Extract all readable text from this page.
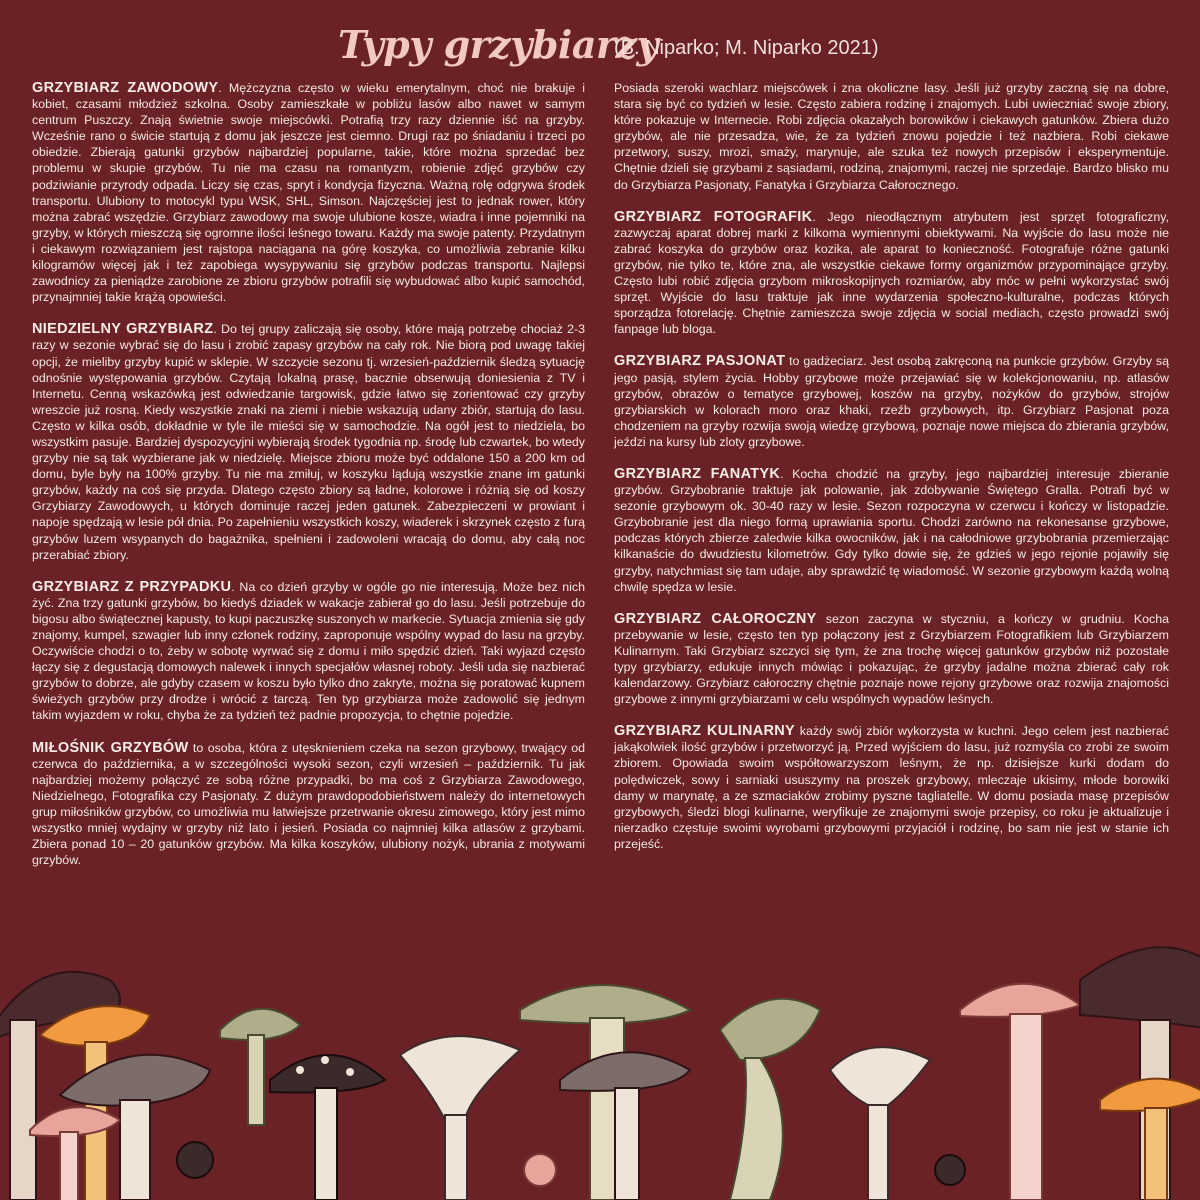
Typy grzybiarzy
(B. Niparko; M. Niparko 2021)

GRZYBIARZ ZAWODOWY. Mężczyzna często w wieku emerytalnym, choć nie brakuje i kobiet, czasami młodzież szkolna. Osoby zamieszkałe w pobliżu lasów albo nawet w samym centrum Puszczy. Znają świetnie swoje miejscówki. Potrafią trzy razy dziennie iść na grzyby. Wcześnie rano o świcie startują z domu jak jeszcze jest ciemno. Drugi raz po śniadaniu i trzeci po obiedzie. Zbierają gatunki grzybów najbardziej popularne, takie, które można sprzedać bez problemu w skupie grzybów. Tu nie ma czasu na romantyzm, robienie zdjęć grzybów czy podziwianie przyrody odpada. Liczy się czas, spryt i kondycja fizyczna. Ważną rolę odgrywa środek transportu. Ulubiony to motocykl typu WSK, SHL, Simson. Najczęściej jest to jednak rower, który można zabrać wszędzie. Grzybiarz zawodowy ma swoje ulubione kosze, wiadra i inne pojemniki na grzyby, w których mieszczą się ogromne ilości leśnego towaru. Każdy ma swoje patenty. Przydatnym i ciekawym rozwiązaniem jest rajstopa naciągana na górę koszyka, co umożliwia zebranie kilku kilogramów więcej jak i też zapobiega wysypywaniu się grzybów podczas transportu. Najlepsi zawodnicy za pieniądze zarobione ze zbioru grzybów potrafili się wybudować albo kupić samochód, przynajmniej takie krążą opowieści.

NIEDZIELNY GRZYBIARZ. Do tej grupy zaliczają się osoby, które mają potrzebę chociaż 2-3 razy w sezonie wybrać się do lasu i zrobić zapasy grzybów na cały rok. Nie biorą pod uwagę takiej opcji, że mieliby grzyby kupić w sklepie. W szczycie sezonu tj. wrzesień-październik śledzą sytuację odnośnie występowania grzybów. Czytają lokalną prasę, bacznie obserwują doniesienia z TV i Internetu. Cenną wskazówką jest odwiedzanie targowisk, gdzie łatwo się zorientować czy grzyby wreszcie już rosną. Kiedy wszystkie znaki na ziemi i niebie wskazują udany zbiór, startują do lasu. Często w kilka osób, dokładnie w tyle ile mieści się w samochodzie. Na ogół jest to niedziela, bo wszystkim pasuje. Bardziej dyspozycyjni wybierają środek tygodnia np. środę lub czwartek, bo wtedy grzyby nie są tak wyzbierane jak w niedzielę. Miejsce zbioru może być oddalone 150 a 200 km od domu, byle były na 100% grzyby. Tu nie ma zmiłuj, w koszyku lądują wszystkie znane im gatunki grzybów, każdy na coś się przyda. Dlatego często zbiory są ładne, kolorowe i różnią się od koszy Grzybiarzy Zawodowych, u których dominuje raczej jeden gatunek. Zabezpieczeni w prowiant i napoje spędzają w lesie pół dnia. Po zapełnieniu wszystkich koszy, wiaderek i skrzynek często z furą grzybów luzem wsypanych do bagażnika, spełnieni i zadowoleni wracają do domu, aby całą noc przerabiać zbiory.

GRZYBIARZ Z PRZYPADKU. Na co dzień grzyby w ogóle go nie interesują. Może bez nich żyć. Zna trzy gatunki grzybów, bo kiedyś dziadek w wakacje zabierał go do lasu. Jeśli potrzebuje do bigosu albo świątecznej kapusty, to kupi paczuszkę suszonych w markecie. Sytuacja zmienia się gdy znajomy, kumpel, szwagier lub inny członek rodziny, zaproponuje wspólny wypad do lasu na grzyby. Oczywiście chodzi o to, żeby w sobotę wyrwać się z domu i miło spędzić dzień. Taki wyjazd często łączy się z degustacją domowych nalewek i innych specjałów własnej roboty. Jeśli uda się nazbierać grzybów to dobrze, ale gdyby czasem w koszu było tylko dno zakryte, można się poratować kupnem świeżych grzybów przy drodze i wrócić z tarczą. Ten typ grzybiarza może zadowolić się jednym takim wyjazdem w roku, chyba że za tydzień też padnie propozycja, to chętnie pojedzie.

MIŁOŚNIK GRZYBÓW to osoba, która z utęsknieniem czeka na sezon grzybowy, trwający od czerwca do października, a w szczególności wysoki sezon, czyli wrzesień – październik. Tu jak najbardziej możemy połączyć ze sobą różne przypadki, bo ma coś z Grzybiarza Zawodowego, Niedzielnego, Fotografika czy Pasjonaty. Z dużym prawdopodobieństwem należy do internetowych grup miłośników grzybów, co umożliwia mu łatwiejsze przetrwanie okresu zimowego, który jest mimo wszystko mniej wydajny w grzyby niż lato i jesień. Posiada co najmniej kilka atlasów z grzybami. Zbiera ponad 10 – 20 gatunków grzybów. Ma kilka koszyków, ulubiony nożyk, ubrania z motywami grzybów.

Posiada szeroki wachlarz miejscówek i zna okoliczne lasy. Jeśli już grzyby zaczną się na dobre, stara się być co tydzień w lesie. Często zabiera rodzinę i znajomych. Lubi uwieczniać swoje zbiory, które pokazuje w Internecie. Robi zdjęcia okazałych borowików i ciekawych gatunków. Zbiera dużo grzybów, ale nie przesadza, wie, że za tydzień znowu pojedzie i też nazbiera. Robi ciekawe przetwory, suszy, mrozi, smaży, marynuje, ale szuka też nowych przepisów i eksperymentuje. Chętnie dzieli się grzybami z sąsiadami, rodziną, znajomymi, raczej nie sprzedaje. Bardzo blisko mu do Grzybiarza Pasjonaty, Fanatyka i Grzybiarza Całorocznego.

GRZYBIARZ FOTOGRAFIK. Jego nieodłącznym atrybutem jest sprzęt fotograficzny, zazwyczaj aparat dobrej marki z kilkoma wymiennymi obiektywami. Na wyjście do lasu może nie zabrać koszyka do grzybów oraz kozika, ale aparat to konieczność. Fotografuje różne gatunki grzybów, nie tylko te, które zna, ale wszystkie ciekawe formy organizmów przypominające grzyby. Często lubi robić zdjęcia grzybom mikroskopijnych rozmiarów, aby móc w pełni wykorzystać swój sprzęt. Wyjście do lasu traktuje jak inne wydarzenia społeczno-kulturalne, podczas których sporządza fotorelację. Chętnie zamieszcza swoje zdjęcia w social mediach, często prowadzi swój fanpage lub bloga.

GRZYBIARZ PASJONAT to gadżeciarz. Jest osobą zakręconą na punkcie grzybów. Grzyby są jego pasją, stylem życia. Hobby grzybowe może przejawiać się w kolekcjonowaniu, np. atlasów grzybów, obrazów o tematyce grzybowej, koszów na grzyby, nożyków do grzybów, strojów grzybiarskich w kolorach moro oraz khaki, rzeźb grzybowych, itp. Grzybiarz Pasjonat poza chodzeniem na grzyby rozwija swoją wiedzę grzybową, poznaje nowe miejsca do zbierania grzybów, jeździ na kursy lub zloty grzybowe.

GRZYBIARZ FANATYK. Kocha chodzić na grzyby, jego najbardziej interesuje zbieranie grzybów. Grzybobranie traktuje jak polowanie, jak zdobywanie Świętego Gralla. Potrafi być w sezonie grzybowym ok. 30-40 razy w lesie. Sezon rozpoczyna w czerwcu i kończy w listopadzie. Grzybobranie jest dla niego formą uprawiania sportu. Chodzi zarówno na rekonesanse grzybowe, podczas których zbierze zaledwie kilka owocników, jak i na całodniowe grzybobrania przemierzając kilkanaście do dwudziestu kilometrów. Gdy tylko dowie się, że gdzieś w jego rejonie pojawiły się grzyby, natychmiast się tam udaje, aby sprawdzić tę wiadomość. W sezonie grzybowym każdą wolną chwilę spędza w lesie.

GRZYBIARZ CAŁOROCZNY sezon zaczyna w styczniu, a kończy w grudniu. Kocha przebywanie w lesie, często ten typ połączony jest z Grzybiarzem Fotografikiem lub Grzybiarzem Kulinarnym. Taki Grzybiarz szczyci się tym, że zna trochę więcej gatunków grzybów niż pozostałe typy grzybiarzy, edukuje innych mówiąc i pokazując, że grzyby jadalne można zbierać cały rok kalendarzowy. Grzybiarz całoroczny chętnie poznaje nowe rejony grzybowe oraz rozwija znajomości grzybowe z innymi grzybiarzami w celu wspólnych wypadów leśnych.

GRZYBIARZ KULINARNY każdy swój zbiór wykorzysta w kuchni. Jego celem jest nazbierać jakąkolwiek ilość grzybów i przetworzyć ją. Przed wyjściem do lasu, już rozmyśla co zrobi ze swoim zbiorem. Opowiada swoim współtowarzyszom leśnym, że np. dzisiejsze kurki dodam do polędwiczek, sowy i sarniaki ususzymy na proszek grzybowy, mleczaje ukisimy, młode borowiki damy w marynatę, a ze szmaciaków zrobimy pyszne tagliatelle. W domu posiada masę przepisów grzybowych, śledzi blogi kulinarne, weryfikuje ze znajomymi swoje przepisy, co roku je aktualizuje i nierzadko częstuje swoimi wyrobami grzybowymi przyjaciół i rodzinę, bo sam nie jest w stanie ich przejeść.
